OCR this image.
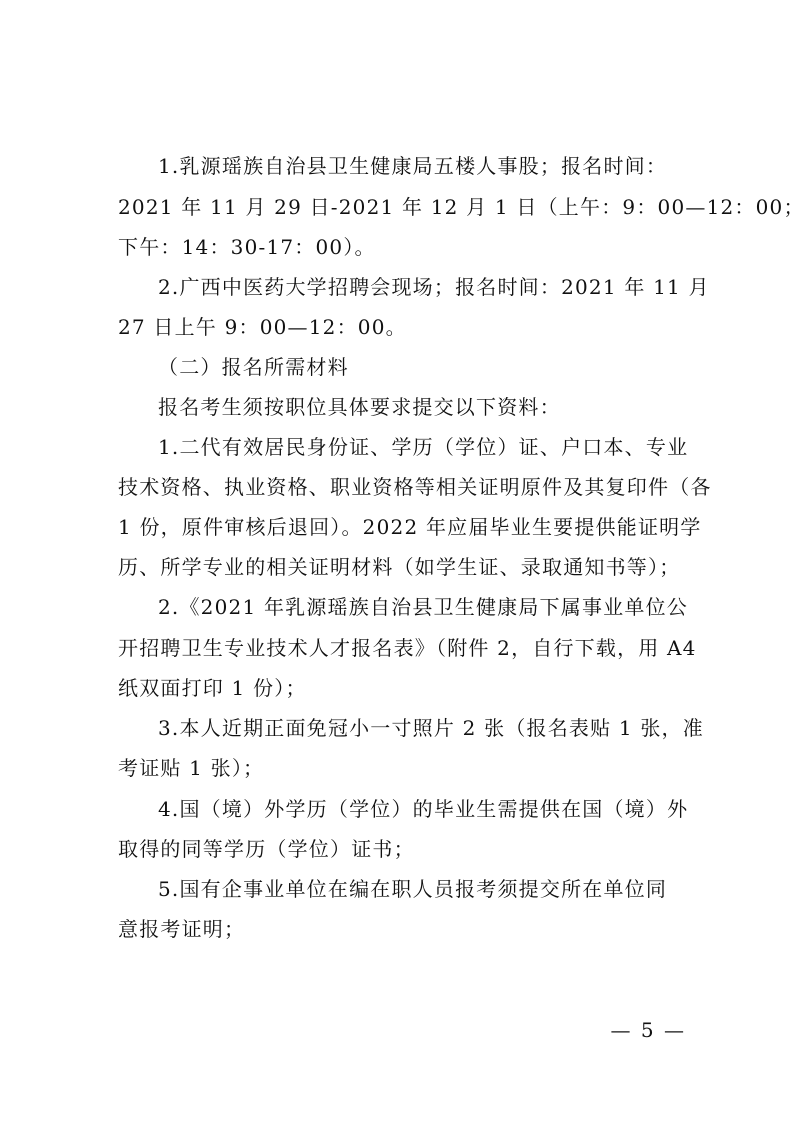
1.乳源瑶族自治县卫生健康局五楼人事股；报名时间：
2021 年 11 月 29 日-2021 年 12 月 1 日（上午：9：00—12：00；
下午：14：30-17：00）。
2.广西中医药大学招聘会现场；报名时间：2021 年 11 月
27 日上午 9：00—12：00。
（二）报名所需材料
报名考生须按职位具体要求提交以下资料：
1.二代有效居民身份证、学历（学位）证、户口本、专业
技术资格、执业资格、职业资格等相关证明原件及其复印件（各
1 份，原件审核后退回）。2022 年应届毕业生要提供能证明学
历、所学专业的相关证明材料（如学生证、录取通知书等）；
2.《2021 年乳源瑶族自治县卫生健康局下属事业单位公
开招聘卫生专业技术人才报名表》（附件 2，自行下载，用 A4
纸双面打印 1 份）；
3.本人近期正面免冠小一寸照片 2 张（报名表贴 1 张，准
考证贴 1 张）；
4.国（境）外学历（学位）的毕业生需提供在国（境）外
取得的同等学历（学位）证书；
5.国有企事业单位在编在职人员报考须提交所在单位同
意报考证明；
— 5 —
